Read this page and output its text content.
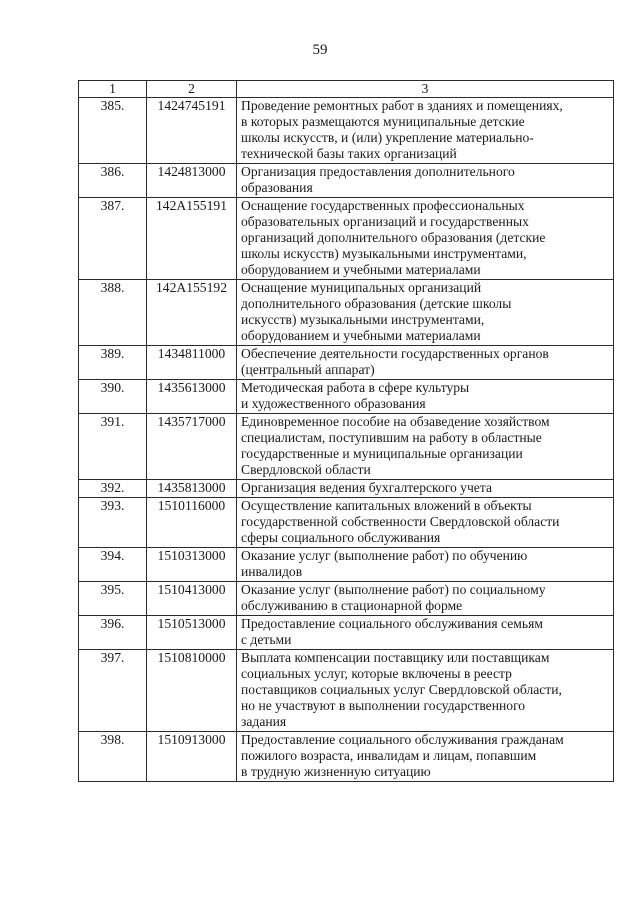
59
1	2	3
385.	1424745191	Проведение ремонтных работ в зданиях и помещениях,
в которых размещаются муниципальные детские
школы искусств, и (или) укрепление материально-
технической базы таких организаций
386.	1424813000	Организация предоставления дополнительного
образования
387.	142А155191	Оснащение государственных профессиональных
образовательных организаций и государственных
организаций дополнительного образования (детские
школы искусств) музыкальными инструментами,
оборудованием и учебными материалами
388.	142А155192	Оснащение муниципальных организаций
дополнительного образования (детские школы
искусств) музыкальными инструментами,
оборудованием и учебными материалами
389.	1434811000	Обеспечение деятельности государственных органов
(центральный аппарат)
390.	1435613000	Методическая работа в сфере культуры
и художественного образования
391.	1435717000	Единовременное пособие на обзаведение хозяйством
специалистам, поступившим на работу в областные
государственные и муниципальные организации
Свердловской области
392.	1435813000	Организация ведения бухгалтерского учета
393.	1510116000	Осуществление капитальных вложений в объекты
государственной собственности Свердловской области
сферы социального обслуживания
394.	1510313000	Оказание услуг (выполнение работ) по обучению
инвалидов
395.	1510413000	Оказание услуг (выполнение работ) по социальному
обслуживанию в стационарной форме
396.	1510513000	Предоставление социального обслуживания семьям
с детьми
397.	1510810000	Выплата компенсации поставщику или поставщикам
социальных услуг, которые включены в реестр
поставщиков социальных услуг Свердловской области,
но не участвуют в выполнении государственного
задания
398.	1510913000	Предоставление социального обслуживания гражданам
пожилого возраста, инвалидам и лицам, попавшим
в трудную жизненную ситуацию
